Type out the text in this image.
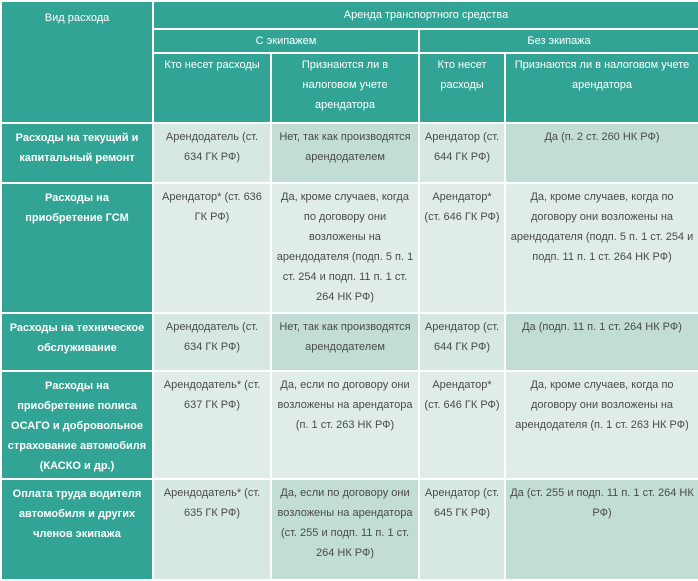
Вид расхода	Аренда транспортного средства			
	С экипажем		Без экипажа	
	Кто несет расходы	Признаются ли в налоговом учете арендатора	Кто несет расходы	Признаются ли в налоговом учете арендатора
Расходы на текущий и капитальный ремонт	Арендодатель (ст. 634 ГК РФ)	Нет, так как производятся арендодателем	Арендатор (ст. 644 ГК РФ)	Да (п. 2 ст. 260 НК РФ)
Расходы на приобретение ГСМ	Арендатор* (ст. 636 ГК РФ)	Да, кроме случаев, когда по договору они возложены на арендодателя (подп. 5 п. 1 ст. 254 и подп. 11 п. 1 ст. 264 НК РФ)	Арендатор* (ст. 646 ГК РФ)	Да, кроме случаев, когда по договору они возложены на арендодателя (подп. 5 п. 1 ст. 254 и подп. 11 п. 1 ст. 264 НК РФ)
Расходы на техническое обслуживание	Арендодатель (ст. 634 ГК РФ)	Нет, так как производятся арендодателем	Арендатор (ст. 644 ГК РФ)	Да (подп. 11 п. 1 ст. 264 НК РФ)
Расходы на приобретение полиса ОСАГО и добровольное страхование автомобиля (КАСКО и др.)	Арендодатель* (ст. 637 ГК РФ)	Да, если по договору они возложены на арендатора (п. 1 ст. 263 НК РФ)	Арендатор* (ст. 646 ГК РФ)	Да, кроме случаев, когда по договору они возложены на арендодателя (п. 1 ст. 263 НК РФ)
Оплата труда водителя автомобиля и других членов экипажа	Арендодатель* (ст. 635 ГК РФ)	Да, если по договору они возложены на арендатора (ст. 255 и подп. 11 п. 1 ст. 264 НК РФ)	Арендатор (ст. 645 ГК РФ)	Да (ст. 255 и подп. 11 п. 1 ст. 264 НК РФ)
